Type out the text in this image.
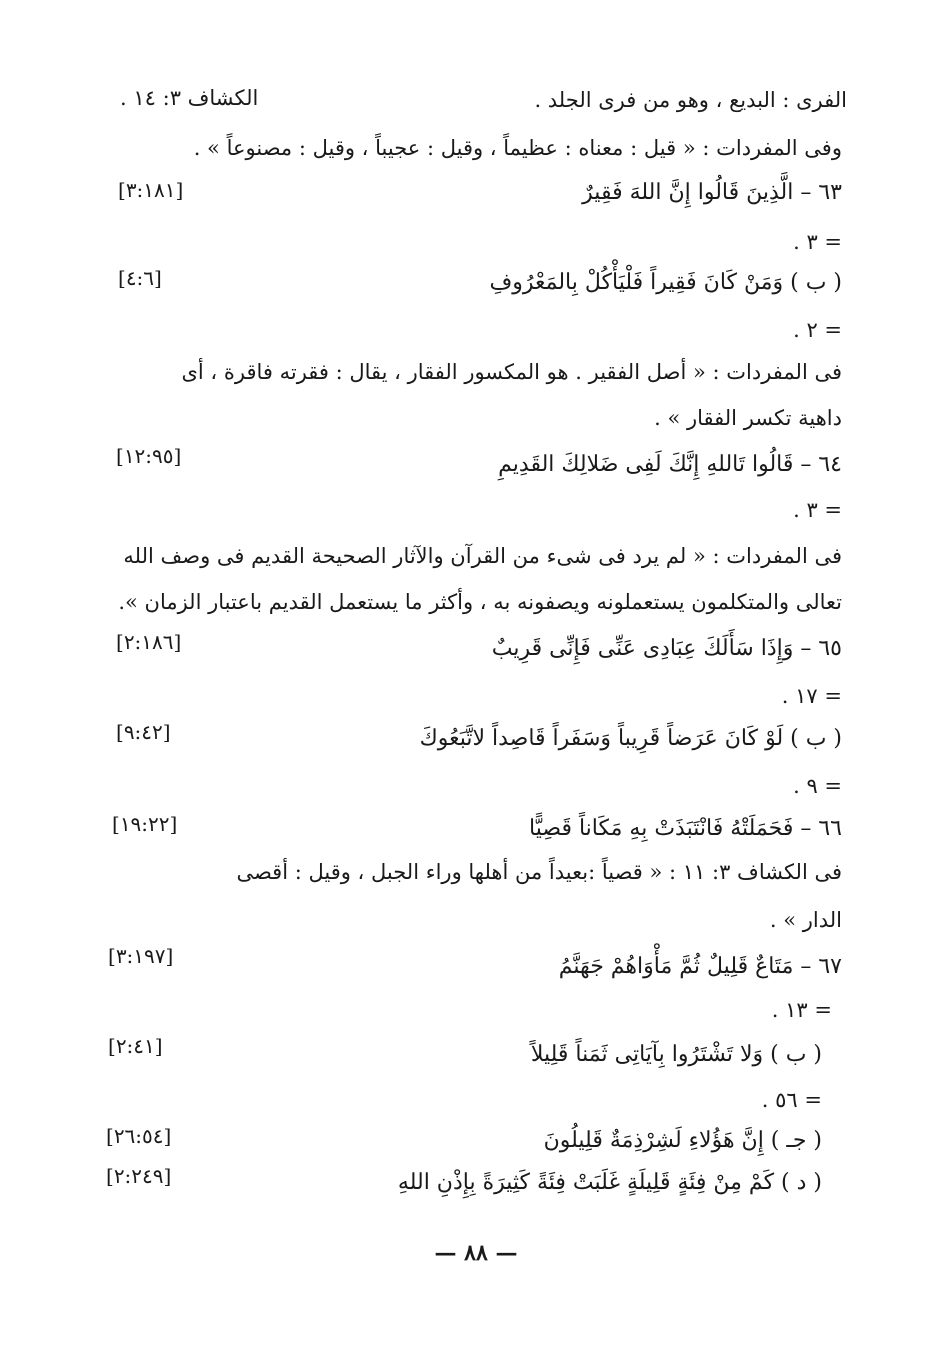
الفرى : البديع ، وهو من فرى الجلد .
الكشاف ٣: ١٤ .
وفى المفردات : « قيل : معناه : عظيماً ، وقيل : عجيباً ، وقيل : مصنوعاً » .
٦٣ – الَّذِينَ قَالُوا إِنَّ اللهَ فَقِيرٌ
[٣:١٨١]
= ٣ .
( ب ) وَمَنْ كَانَ فَقِيراً فَلْيَأْكُلْ بِالمَعْرُوفِ
[٤:٦]
= ٢ .
فى المفردات : « أصل الفقير . هو المكسور الفقار ، يقال : فقرته فاقرة ، أى
داهية تكسر الفقار » .
٦٤ – قَالُوا تَاللهِ إِنَّكَ لَفِى ضَلالِكَ القَدِيمِ
[١٢:٩٥]
= ٣ .
فى المفردات : « لم يرد فى شىء من القرآن والآثار الصحيحة القديم فى وصف الله
تعالى والمتكلمون يستعملونه ويصفونه به ، وأكثر ما يستعمل القديم باعتبار الزمان ».
٦٥ – وَإِذَا سَأَلَكَ عِبَادِى عَنِّى فَإِنِّى قَرِيبٌ
[٢:١٨٦]
= ١٧ .
( ب ) لَوْ كَانَ عَرَضاً قَرِيباً وَسَفَراً قَاصِداً لاتَّبَعُوكَ
[٩:٤٢]
= ٩ .
٦٦ – فَحَمَلَتْهُ فَانْتَبَذَتْ بِهِ مَكَاناً قَصِيًّا
[١٩:٢٢]
فى الكشاف ٣: ١١ : « قصياً :بعيداً من أهلها وراء الجبل ، وقيل : أقصى
الدار » .
٦٧ – مَتَاعٌ قَلِيلٌ ثُمَّ مَأْوَاهُمْ جَهَنَّمُ
[٣:١٩٧]
= ١٣ .
( ب ) وَلا تَشْتَرُوا بِآيَاتِى ثَمَناً قَلِيلاً
[٢:٤١]
= ٥٦ .
( جـ ) إِنَّ هَؤُلاءِ لَشِرْذِمَةٌ قَلِيلُونَ
[٢٦:٥٤]
( د ) كَمْ مِنْ فِئَةٍ قَلِيلَةٍ غَلَبَتْ فِئَةً كَثِيرَةً بِإِذْنِ اللهِ
[٢:٢٤٩]
— ٨٨ —
